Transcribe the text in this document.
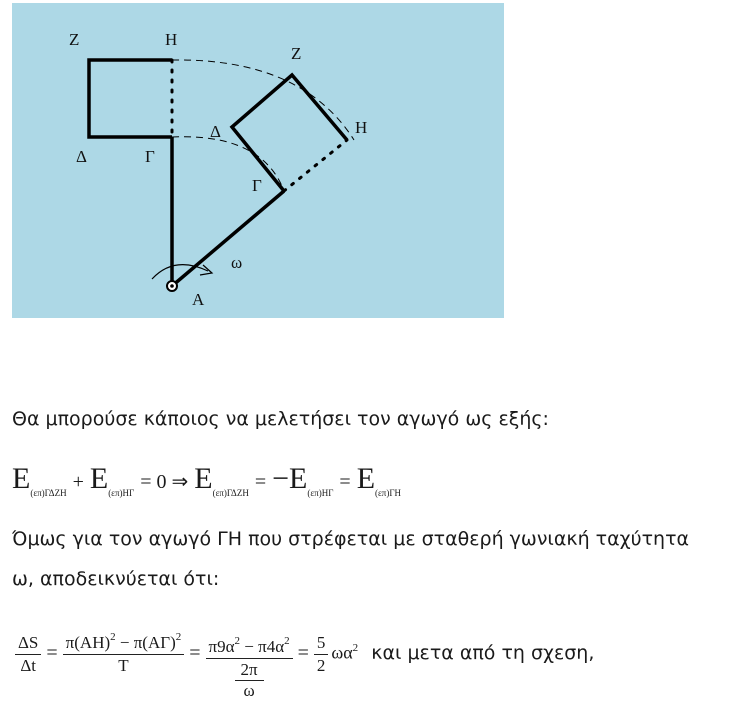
Z	H
Δ	Γ
Z
H
Δ
Γ
A
ω
Θα μπορούσε κάποιος να μελετήσει τον αγωγό ως εξής:
$E_{(\varepsilon\pi)\Gamma\Delta ZH} + E_{(\varepsilon\pi)H\Gamma} = 0$ ⇒ $E_{(\varepsilon\pi)\Gamma\Delta ZH} = -E_{(\varepsilon\pi)H\Gamma} = E_{(\varepsilon\pi)\Gamma H}$
Όμως για τον αγωγό ΓΗ που στρέφεται με σταθερή γωνιακή ταχύτητα
ω, αποδεικνύεται ότι:
$\frac{\Delta S}{\Delta t} = \frac{\pi(AH)^2 - \pi(A\Gamma)^2}{T} = \frac{\pi 9\alpha^2 - \pi 4\alpha^2}{\frac{2\pi}{\omega}} = \frac{5}{2} \omega\alpha^2$ και μετα από τη σχεση,
